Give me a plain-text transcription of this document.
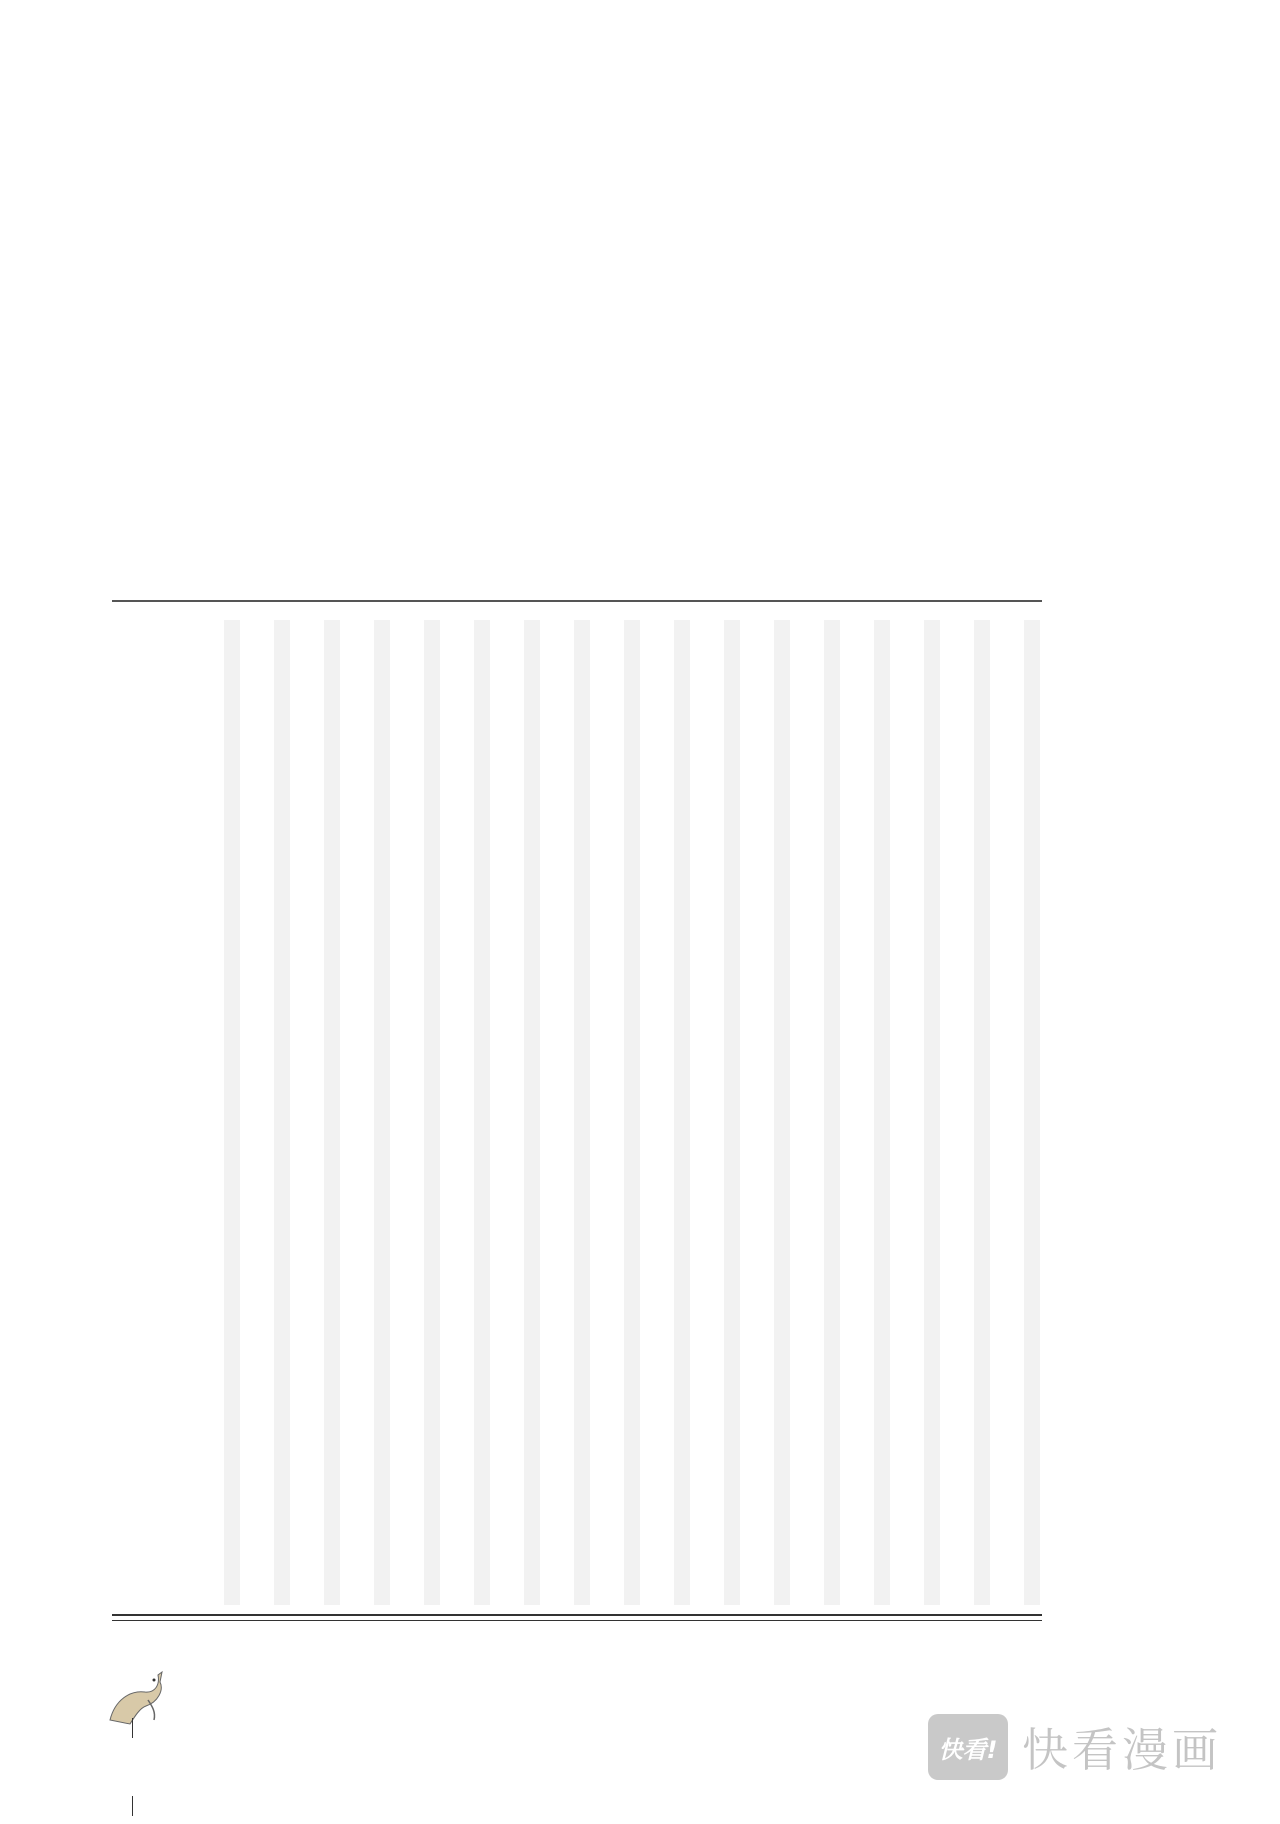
快看! 快看漫画
